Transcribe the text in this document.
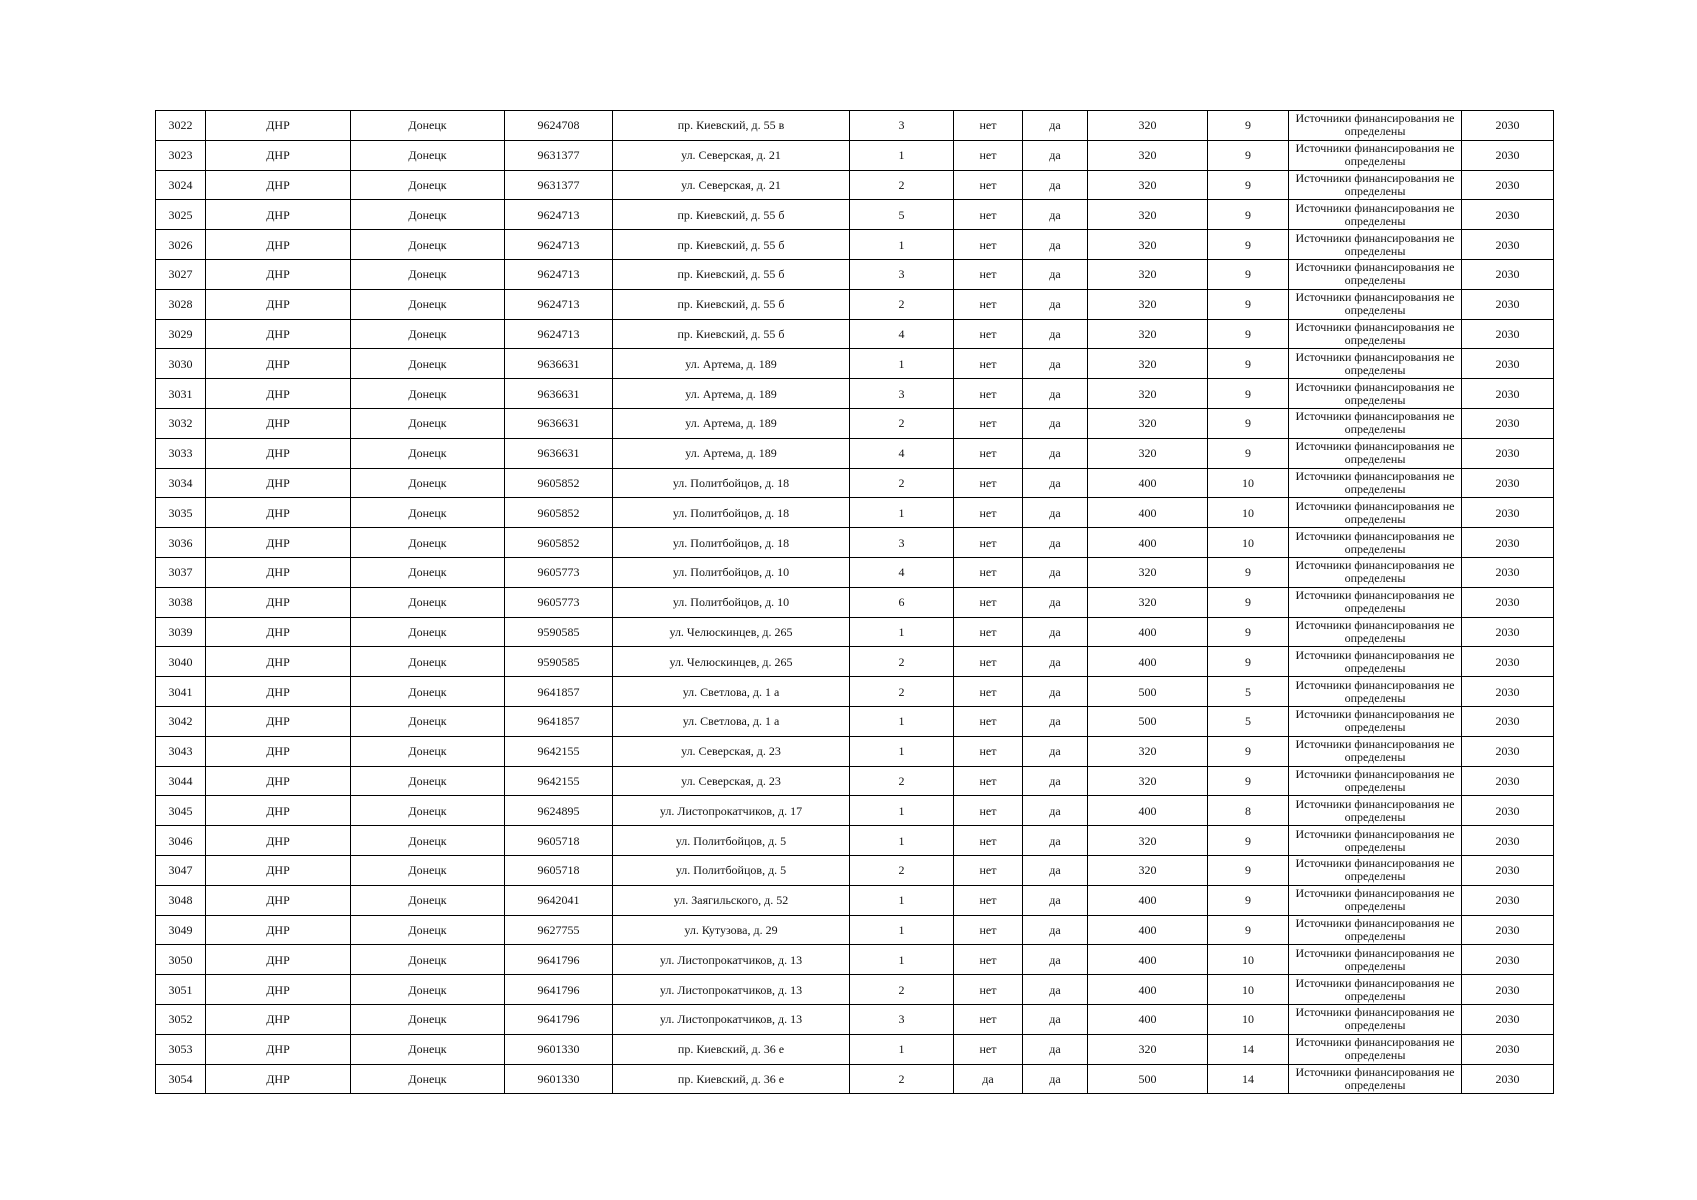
3022	ДНР	Донецк	9624708	пр. Киевский, д. 55 в	3	нет	да	320	9	Источники финансирования не определены	2030
3023	ДНР	Донецк	9631377	ул. Северская, д. 21	1	нет	да	320	9	Источники финансирования не определены	2030
3024	ДНР	Донецк	9631377	ул. Северская, д. 21	2	нет	да	320	9	Источники финансирования не определены	2030
3025	ДНР	Донецк	9624713	пр. Киевский, д. 55 б	5	нет	да	320	9	Источники финансирования не определены	2030
3026	ДНР	Донецк	9624713	пр. Киевский, д. 55 б	1	нет	да	320	9	Источники финансирования не определены	2030
3027	ДНР	Донецк	9624713	пр. Киевский, д. 55 б	3	нет	да	320	9	Источники финансирования не определены	2030
3028	ДНР	Донецк	9624713	пр. Киевский, д. 55 б	2	нет	да	320	9	Источники финансирования не определены	2030
3029	ДНР	Донецк	9624713	пр. Киевский, д. 55 б	4	нет	да	320	9	Источники финансирования не определены	2030
3030	ДНР	Донецк	9636631	ул. Артема, д. 189	1	нет	да	320	9	Источники финансирования не определены	2030
3031	ДНР	Донецк	9636631	ул. Артема, д. 189	3	нет	да	320	9	Источники финансирования не определены	2030
3032	ДНР	Донецк	9636631	ул. Артема, д. 189	2	нет	да	320	9	Источники финансирования не определены	2030
3033	ДНР	Донецк	9636631	ул. Артема, д. 189	4	нет	да	320	9	Источники финансирования не определены	2030
3034	ДНР	Донецк	9605852	ул. Политбойцов, д. 18	2	нет	да	400	10	Источники финансирования не определены	2030
3035	ДНР	Донецк	9605852	ул. Политбойцов, д. 18	1	нет	да	400	10	Источники финансирования не определены	2030
3036	ДНР	Донецк	9605852	ул. Политбойцов, д. 18	3	нет	да	400	10	Источники финансирования не определены	2030
3037	ДНР	Донецк	9605773	ул. Политбойцов, д. 10	4	нет	да	320	9	Источники финансирования не определены	2030
3038	ДНР	Донецк	9605773	ул. Политбойцов, д. 10	6	нет	да	320	9	Источники финансирования не определены	2030
3039	ДНР	Донецк	9590585	ул. Челюскинцев, д. 265	1	нет	да	400	9	Источники финансирования не определены	2030
3040	ДНР	Донецк	9590585	ул. Челюскинцев, д. 265	2	нет	да	400	9	Источники финансирования не определены	2030
3041	ДНР	Донецк	9641857	ул. Светлова, д. 1 а	2	нет	да	500	5	Источники финансирования не определены	2030
3042	ДНР	Донецк	9641857	ул. Светлова, д. 1 а	1	нет	да	500	5	Источники финансирования не определены	2030
3043	ДНР	Донецк	9642155	ул. Северская, д. 23	1	нет	да	320	9	Источники финансирования не определены	2030
3044	ДНР	Донецк	9642155	ул. Северская, д. 23	2	нет	да	320	9	Источники финансирования не определены	2030
3045	ДНР	Донецк	9624895	ул. Листопрокатчиков, д. 17	1	нет	да	400	8	Источники финансирования не определены	2030
3046	ДНР	Донецк	9605718	ул. Политбойцов, д. 5	1	нет	да	320	9	Источники финансирования не определены	2030
3047	ДНР	Донецк	9605718	ул. Политбойцов, д. 5	2	нет	да	320	9	Источники финансирования не определены	2030
3048	ДНР	Донецк	9642041	ул. Заягильского, д. 52	1	нет	да	400	9	Источники финансирования не определены	2030
3049	ДНР	Донецк	9627755	ул. Кутузова, д. 29	1	нет	да	400	9	Источники финансирования не определены	2030
3050	ДНР	Донецк	9641796	ул. Листопрокатчиков, д. 13	1	нет	да	400	10	Источники финансирования не определены	2030
3051	ДНР	Донецк	9641796	ул. Листопрокатчиков, д. 13	2	нет	да	400	10	Источники финансирования не определены	2030
3052	ДНР	Донецк	9641796	ул. Листопрокатчиков, д. 13	3	нет	да	400	10	Источники финансирования не определены	2030
3053	ДНР	Донецк	9601330	пр. Киевский, д. 36 е	1	нет	да	320	14	Источники финансирования не определены	2030
3054	ДНР	Донецк	9601330	пр. Киевский, д. 36 е	2	да	да	500	14	Источники финансирования не определены	2030
